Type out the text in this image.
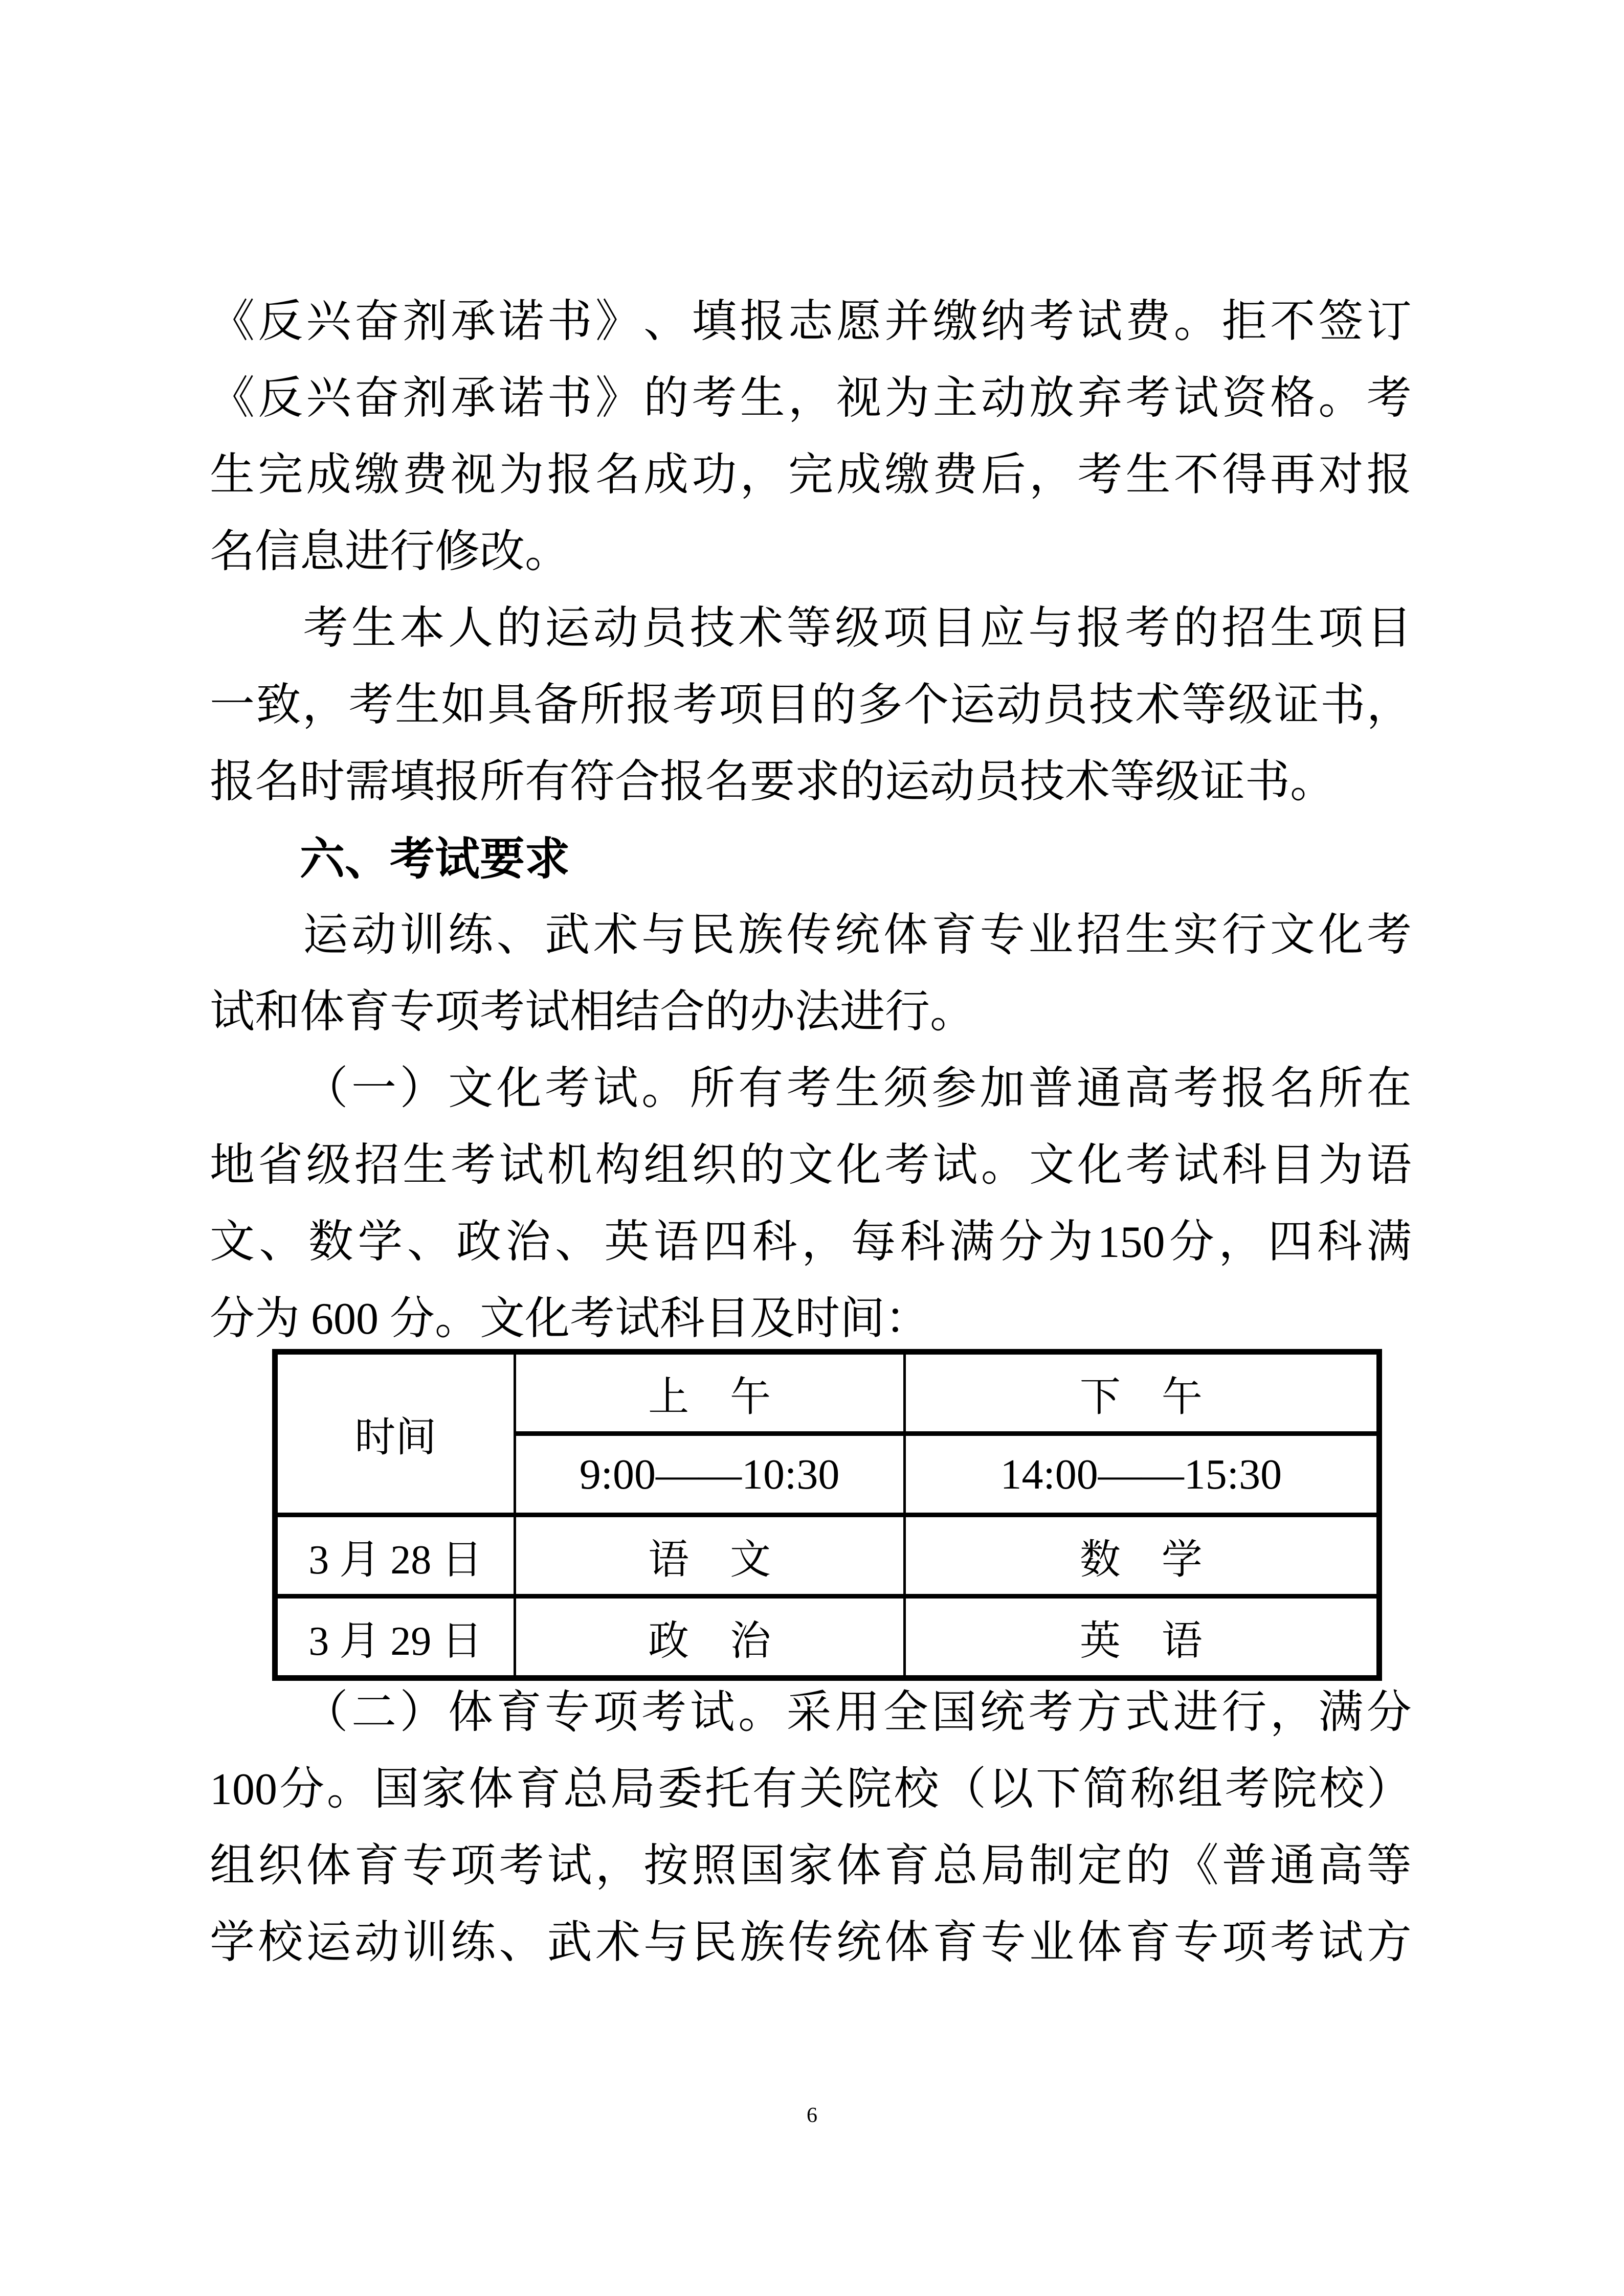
《 反 兴 奋 剂 承 诺 书 》 、 填 报 志 愿 并 缴 纳 考 试 费 。 拒 不 签 订
《 反 兴 奋 剂 承 诺 书 》 的 考 生 ， 视 为 主 动 放 弃 考 试 资 格 。 考
生 完 成 缴 费 视 为 报 名 成 功 ， 完 成 缴 费 后 ， 考 生 不 得 再 对 报
名信息进行修改。
考 生 本 人 的 运 动 员 技 术 等 级 项 目 应 与 报 考 的 招 生 项 目
一 致 ， 考 生 如 具 备 所 报 考 项 目 的 多 个 运 动 员 技 术 等 级 证 书 ，
报名时需填报所有符合报名要求的运动员技术等级证书。
六、考试要求
运 动 训 练 、 武 术 与 民 族 传 统 体 育 专 业 招 生 实 行 文 化 考
试和体育专项考试相结合的办法进行。
（ 一 ） 文 化 考 试 。 所 有 考 生 须 参 加 普 通 高 考 报 名 所 在
地 省 级 招 生 考 试 机 构 组 织 的 文 化 考 试 。 文 化 考 试 科 目 为 语
文 、 数 学 、 政 治 、 英 语 四 科 ， 每 科 满 分 为 150 分 ， 四 科 满
分为 600 分。文化考试科目及时间：
时间	上　午	下　午
	9:00——10:30	14:00——15:30
3 月 28 日	语　文	数　学
3 月 29 日	政　治	英　语
（ 二 ） 体 育 专 项 考 试 。 采 用 全 国 统 考 方 式 进 行 ， 满 分
100 分 。 国 家 体 育 总 局 委 托 有 关 院 校 （ 以 下 简 称 组 考 院 校 ）
组 织 体 育 专 项 考 试 ， 按 照 国 家 体 育 总 局 制 定 的 《 普 通 高 等
学 校 运 动 训 练 、 武 术 与 民 族 传 统 体 育 专 业 体 育 专 项 考 试 方
6
